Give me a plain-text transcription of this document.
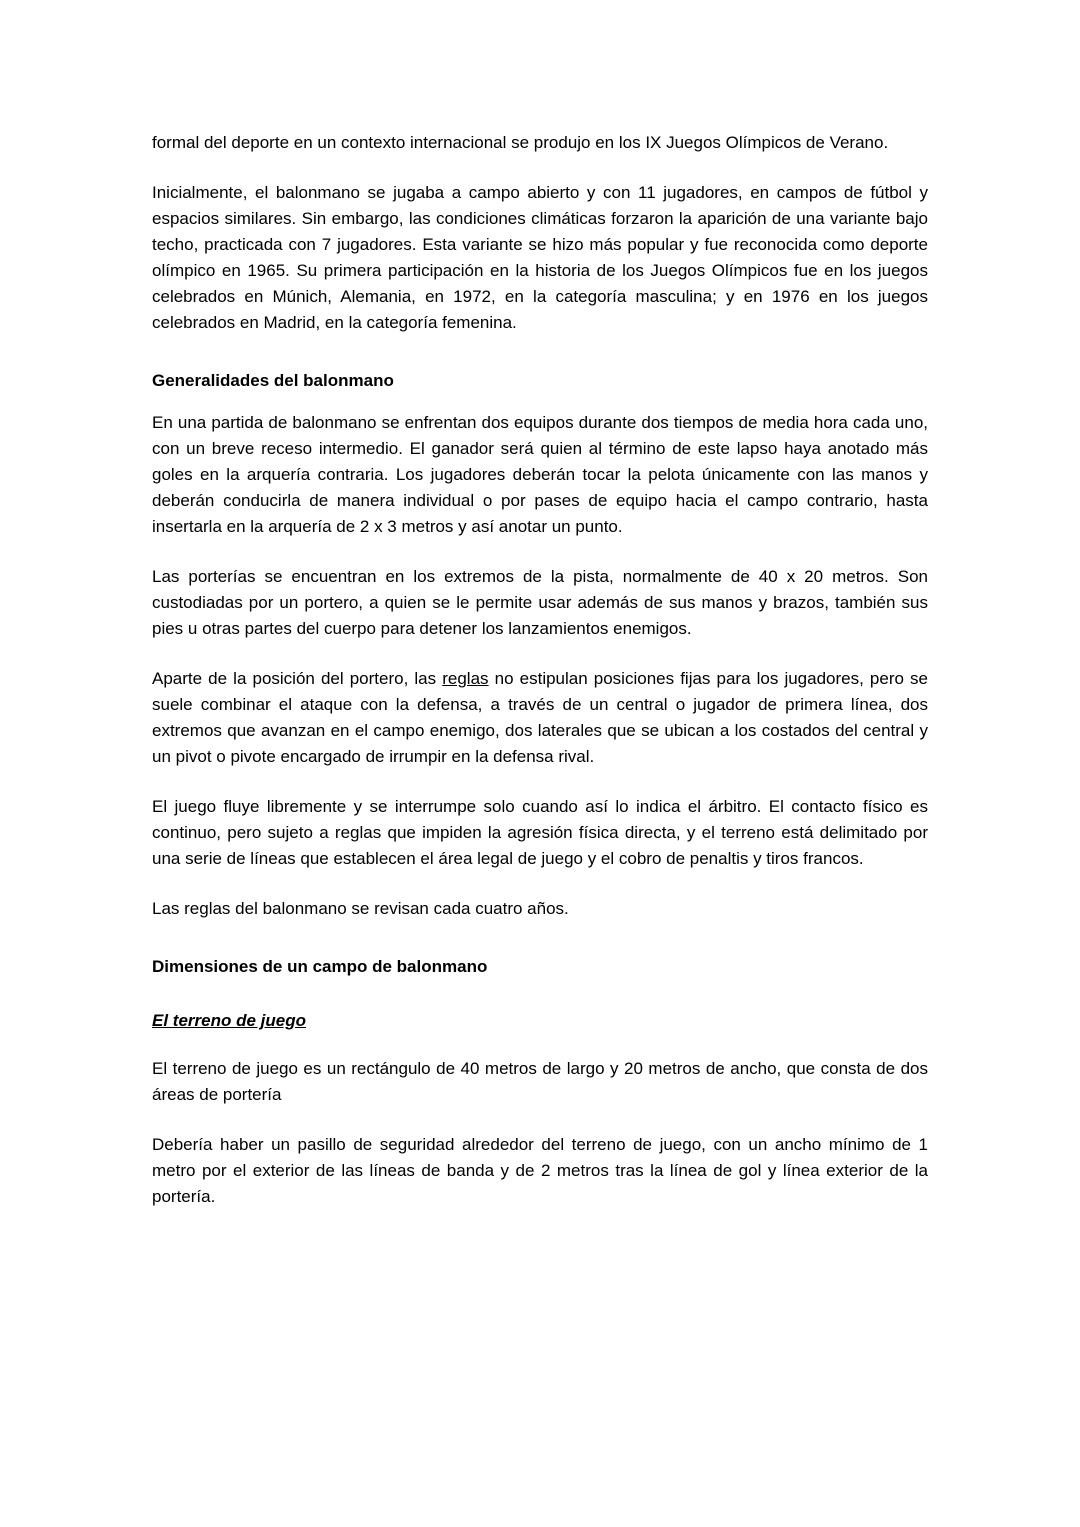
formal del deporte en un contexto internacional se produjo en los IX Juegos Olímpicos de Verano.

Inicialmente, el balonmano se jugaba a campo abierto y con 11 jugadores, en campos de fútbol y espacios similares. Sin embargo, las condiciones climáticas forzaron la aparición de una variante bajo techo, practicada con 7 jugadores. Esta variante se hizo más popular y fue reconocida como deporte olímpico en 1965. Su primera participación en la historia de los Juegos Olímpicos fue en los juegos celebrados en Múnich, Alemania, en 1972, en la categoría masculina; y en 1976 en los juegos celebrados en Madrid, en la categoría femenina.

Generalidades del balonmano

En una partida de balonmano se enfrentan dos equipos durante dos tiempos de media hora cada uno, con un breve receso intermedio. El ganador será quien al término de este lapso haya anotado más goles en la arquería contraria. Los jugadores deberán tocar la pelota únicamente con las manos y deberán conducirla de manera individual o por pases de equipo hacia el campo contrario, hasta insertarla en la arquería de 2 x 3 metros y así anotar un punto.

Las porterías se encuentran en los extremos de la pista, normalmente de 40 x 20 metros. Son custodiadas por un portero, a quien se le permite usar además de sus manos y brazos, también sus pies u otras partes del cuerpo para detener los lanzamientos enemigos.

Aparte de la posición del portero, las reglas no estipulan posiciones fijas para los jugadores, pero se suele combinar el ataque con la defensa, a través de un central o jugador de primera línea, dos extremos que avanzan en el campo enemigo, dos laterales que se ubican a los costados del central y un pivot o pivote encargado de irrumpir en la defensa rival.

El juego fluye libremente y se interrumpe solo cuando así lo indica el árbitro. El contacto físico es continuo, pero sujeto a reglas que impiden la agresión física directa, y el terreno está delimitado por una serie de líneas que establecen el área legal de juego y el cobro de penaltis y tiros francos.

Las reglas del balonmano se revisan cada cuatro años.

Dimensiones de un campo de balonmano
El terreno de juego

El terreno de juego es un rectángulo de 40 metros de largo y 20 metros de ancho, que consta de dos áreas de portería

Debería haber un pasillo de seguridad alrededor del terreno de juego, con un ancho mínimo de 1 metro por el exterior de las líneas de banda y de 2 metros tras la línea de gol y línea exterior de la portería.
